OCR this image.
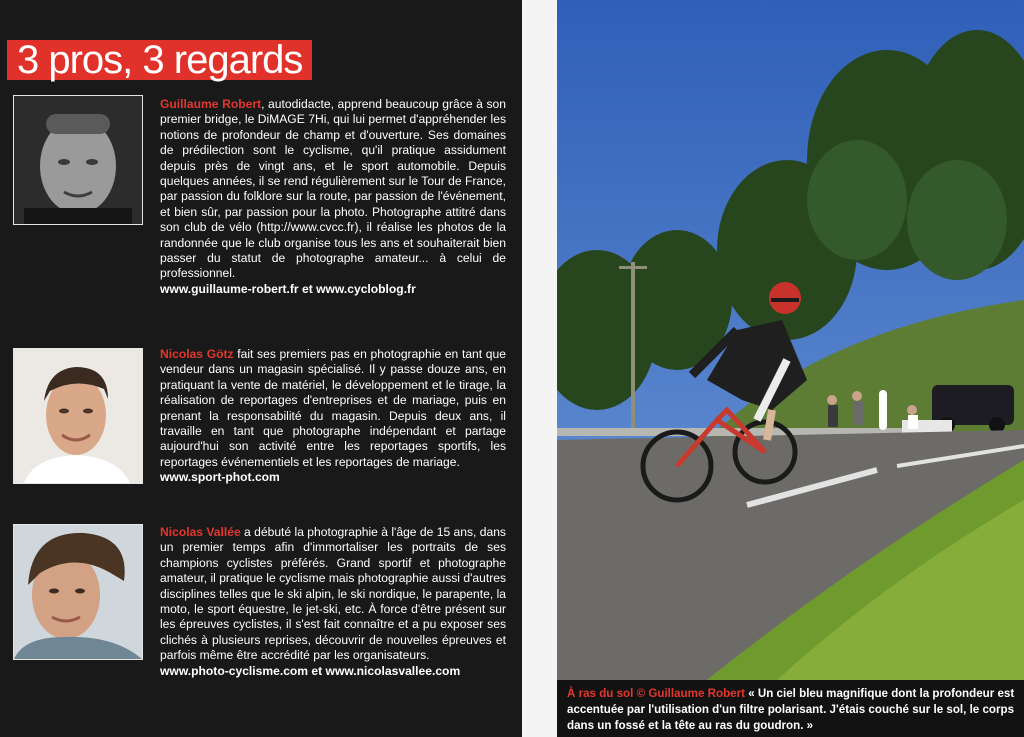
3 pros, 3 regards
Guillaume Robert, autodidacte, apprend beaucoup grâce à son premier bridge, le DiMAGE 7Hi, qui lui permet d'appréhender les notions de profondeur de champ et d'ouverture. Ses domaines de prédilection sont le cyclisme, qu'il pratique assidument depuis près de vingt ans, et le sport automobile. Depuis quelques années, il se rend régulièrement sur le Tour de France, par passion du folklore sur la route, par passion de l'événement, et bien sûr, par passion pour la photo. Photographe attitré dans son club de vélo (http://www.cvcc.fr), il réalise les photos de la randonnée que le club organise tous les ans et souhaiterait bien passer du statut de photographe amateur... à celui de professionnel.
www.guillaume-robert.fr et www.cycloblog.fr
Nicolas Götz fait ses premiers pas en photographie en tant que vendeur dans un magasin spécialisé. Il y passe douze ans, en pratiquant la vente de matériel, le développement et le tirage, la réalisation de reportages d'entreprises et de mariage, puis en prenant la responsabilité du magasin. Depuis deux ans, il travaille en tant que photographe indépendant et partage aujourd'hui son activité entre les reportages sportifs, les reportages événementiels et les reportages de mariage.
www.sport-phot.com
Nicolas Vallée a débuté la photographie à l'âge de 15 ans, dans un premier temps afin d'immortaliser les portraits de ses champions cyclistes préférés. Grand sportif et photographe amateur, il pratique le cyclisme mais photographie aussi d'autres disciplines telles que le ski alpin, le ski nordique, le parapente, la moto, le sport équestre, le jet-ski, etc. À force d'être présent sur les épreuves cyclistes, il s'est fait connaître et a pu exposer ses clichés à plusieurs reprises, découvrir de nouvelles épreuves et parfois même être accrédité par les organisateurs.
www.photo-cyclisme.com et www.nicolasvallee.com
À ras du sol © Guillaume Robert « Un ciel bleu magnifique dont la profondeur est accentuée par l'utilisation d'un filtre polarisant. J'étais couché sur le sol, le corps dans un fossé et la tête au ras du goudron. »
